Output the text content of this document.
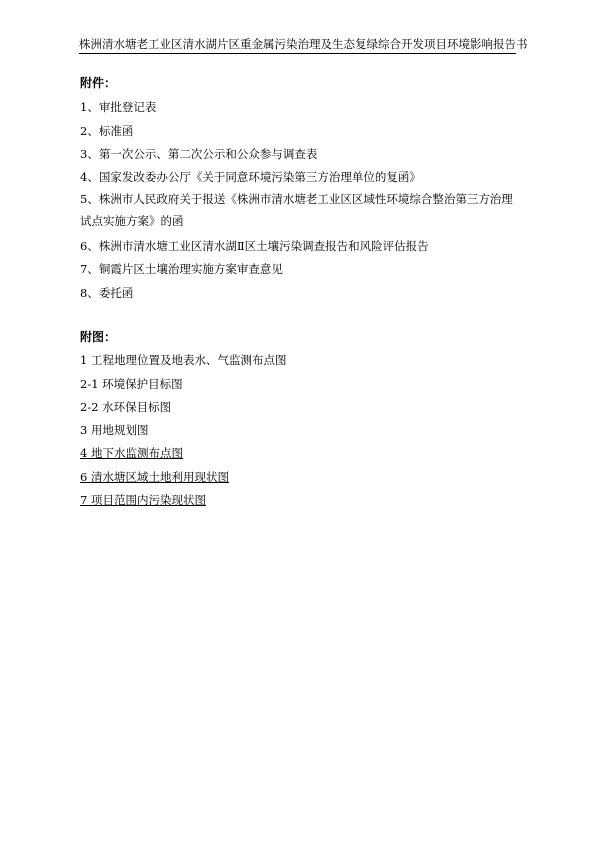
株洲清水塘老工业区清水湖片区重金属污染治理及生态复绿综合开发项目环境影响报告书
附件：
1、审批登记表
2、标准函
3、第一次公示、第二次公示和公众参与调查表
4、国家发改委办公厅《关于同意环境污染第三方治理单位的复函》
5、株洲市人民政府关于报送《株洲市清水塘老工业区区域性环境综合整治第三方治理试点实施方案》的函
6、株洲市清水塘工业区清水湖Ⅱ区土壤污染调查报告和风险评估报告
7、铜霞片区土壤治理实施方案审查意见
8、委托函
附图：
1 工程地理位置及地表水、气监测布点图
2-1 环境保护目标图
2-2 水环保目标图
3 用地规划图
4 地下水监测布点图
6 清水塘区域土地利用现状图
7 项目范围内污染现状图
